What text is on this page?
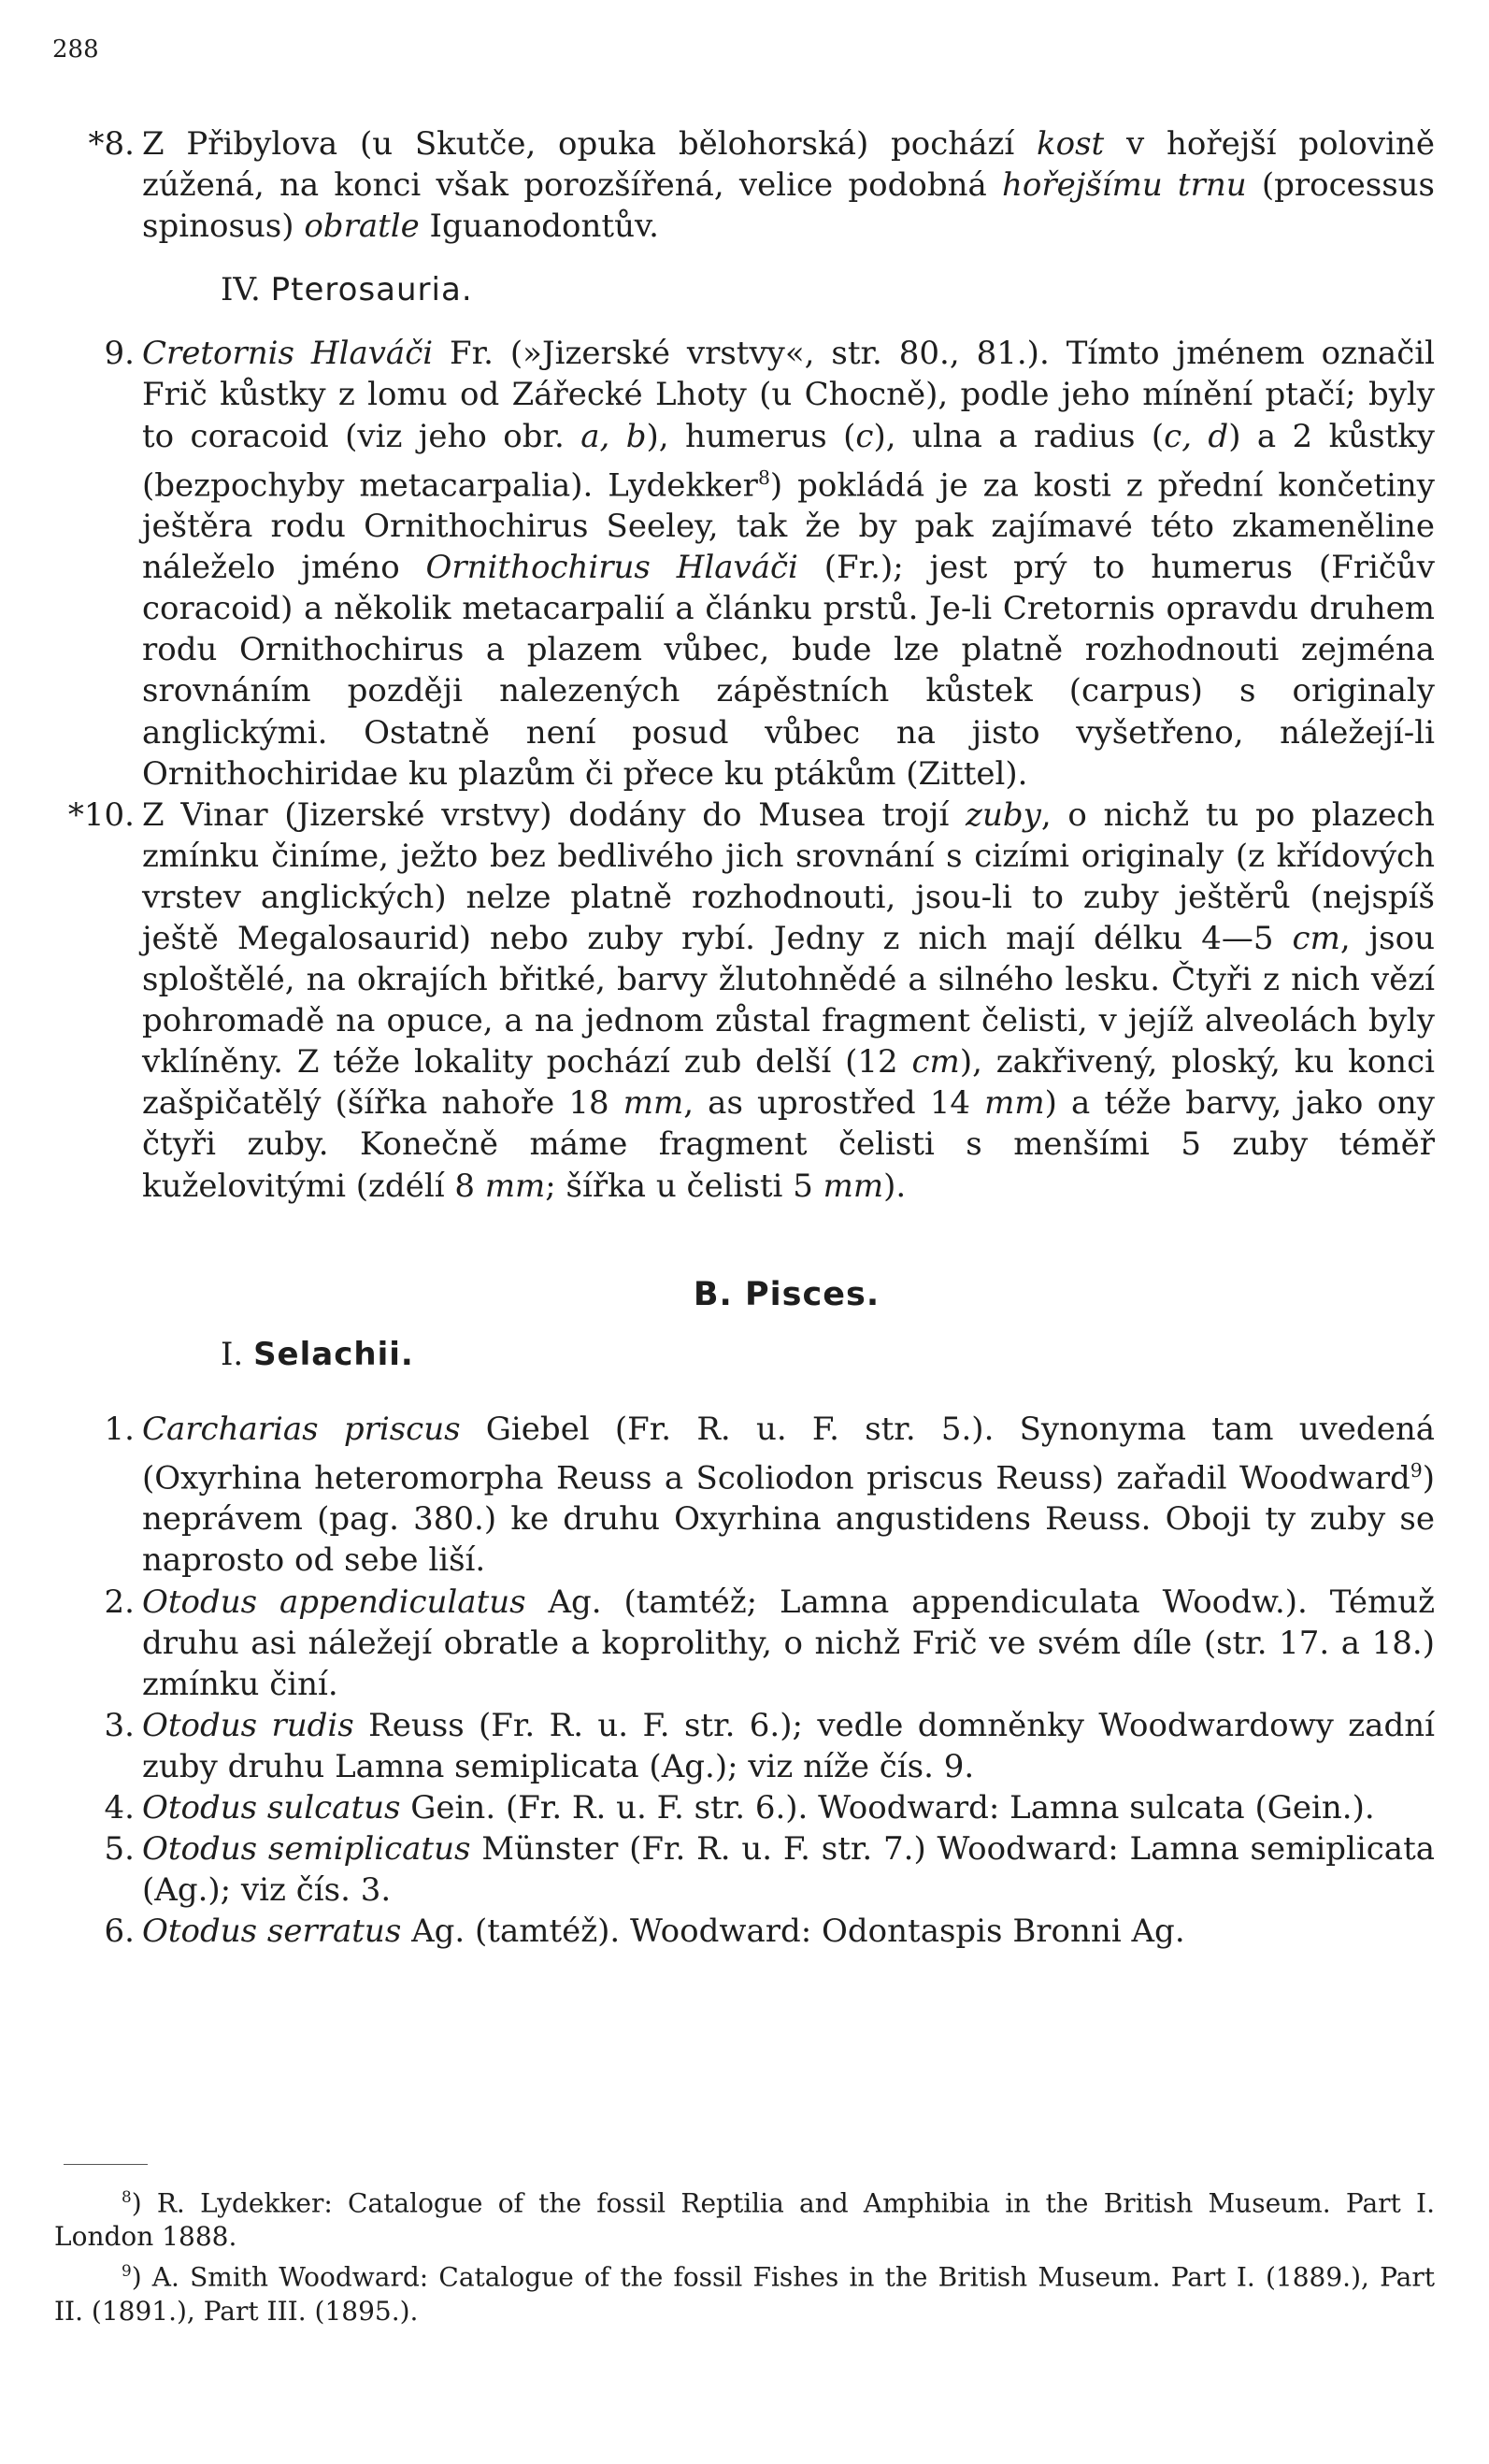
288

*8. Z Přibylova (u Skutče, opuka bělohorská) pochází kost v hořejší polovině zúžená, na konci však porozšířená, velice podobná hořejšímu trnu (processus spinosus) obratle Iguanodontův.

IV. Pterosauria.

9. Cretornis Hlaváči Fr. (»Jizerské vrstvy«, str. 80., 81.). Tímto jménem označil Frič kůstky z lomu od Zářecké Lhoty (u Chocně), podle jeho mínění ptačí; byly to coracoid (viz jeho obr. a, b), humerus (c), ulna a radius (c, d) a 2 kůstky (bezpochyby metacarpalia). Lydekker$^8$) pokládá je za kosti z přední končetiny ještěra rodu Ornithochirus Seeley, tak že by pak zajímavé této zkameněline náleželo jméno Ornithochirus Hlaváči (Fr.); jest prý to humerus (Fričův coracoid) a několik metacarpalií a článku prstů. Je-li Cretornis opravdu druhem rodu Ornithochirus a plazem vůbec, bude lze platně rozhodnouti zejména srovnáním později nalezených zápěstních kůstek (carpus) s originaly anglickými. Ostatně není posud vůbec na jisto vyšetřeno, náležejí-li Ornithochiridae ku plazům či přece ku ptákům (Zittel).

*10. Z Vinar (Jizerské vrstvy) dodány do Musea trojí zuby, o nichž tu po plazech zmínku činíme, ježto bez bedlivého jich srovnání s cizími originaly (z křídových vrstev anglických) nelze platně rozhodnouti, jsou-li to zuby ještěrů (nejspíš ještě Megalosaurid) nebo zuby rybí. Jedny z nich mají délku 4—5 cm, jsou sploštělé, na okrajích břitké, barvy žlutohnědé a silného lesku. Čtyři z nich vězí pohromadě na opuce, a na jednom zůstal fragment čelisti, v jejíž alveolách byly vklíněny. Z téže lokality pochází zub delší (12 cm), zakřivený, ploský, ku konci zašpičatělý (šířka nahoře 18 mm, as uprostřed 14 mm) a téže barvy, jako ony čtyři zuby. Konečně máme fragment čelisti s menšími 5 zuby téměř kuželovitými (zdélí 8 mm; šířka u čelisti 5 mm).

B. Pisces.
I. Selachii.

1. Carcharias priscus Giebel (Fr. R. u. F. str. 5.). Synonyma tam uvedená (Oxyrhina heteromorpha Reuss a Scoliodon priscus Reuss) zařadil Woodward$^9$) neprávem (pag. 380.) ke druhu Oxyrhina angustidens Reuss. Oboji ty zuby se naprosto od sebe liší.

2. Otodus appendiculatus Ag. (tamtéž; Lamna appendiculata Woodw.). Témuž druhu asi náležejí obratle a koprolithy, o nichž Frič ve svém díle (str. 17. a 18.) zmínku činí.

3. Otodus rudis Reuss (Fr. R. u. F. str. 6.); vedle domněnky Woodwardowy zadní zuby druhu Lamna semiplicata (Ag.); viz níže čís. 9.

4. Otodus sulcatus Gein. (Fr. R. u. F. str. 6.). Woodward: Lamna sulcata (Gein.).

5. Otodus semiplicatus Münster (Fr. R. u. F. str. 7.) Woodward: Lamna semiplicata (Ag.); viz čís. 3.

6. Otodus serratus Ag. (tamtéž). Woodward: Odontaspis Bronni Ag.

$^8$) R. Lydekker: Catalogue of the fossil Reptilia and Amphibia in the British Museum. Part I. London 1888.

$^9$) A. Smith Woodward: Catalogue of the fossil Fishes in the British Museum. Part I. (1889.), Part II. (1891.), Part III. (1895.).
